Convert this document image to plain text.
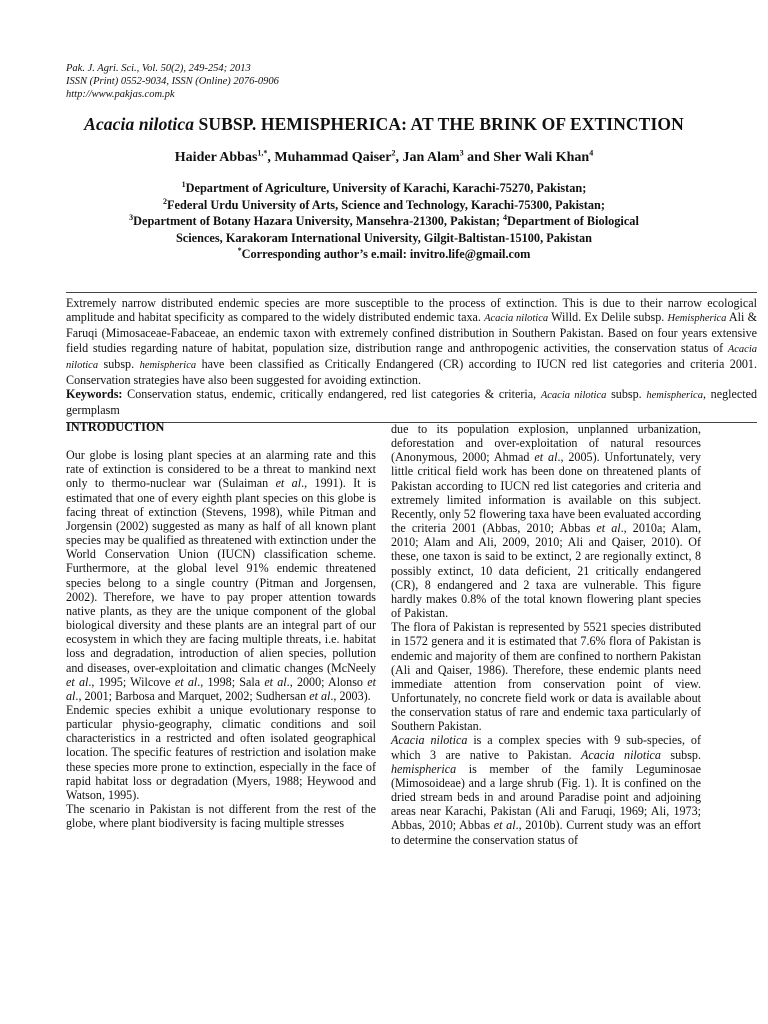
Pak. J. Agri. Sci., Vol. 50(2), 249-254; 2013
ISSN (Print) 0552-9034, ISSN (Online) 2076-0906
http://www.pakjas.com.pk
Acacia nilotica SUBSP. HEMISPHERICA: AT THE BRINK OF EXTINCTION
Haider Abbas$^{1,*}$, Muhammad Qaiser$^2$, Jan Alam$^3$ and Sher Wali Khan$^4$
$^1$Department of Agriculture, University of Karachi, Karachi-75270, Pakistan;
$^2$Federal Urdu University of Arts, Science and Technology, Karachi-75300, Pakistan;
$^3$Department of Botany Hazara University, Mansehra-21300, Pakistan; $^4$Department of Biological
Sciences, Karakoram International University, Gilgit-Baltistan-15100, Pakistan
*Corresponding author’s e.mail: invitro.life@gmail.com

Extremely narrow distributed endemic species are more susceptible to the process of extinction. This is due to their narrow ecological amplitude and habitat specificity as compared to the widely distributed endemic taxa. Acacia nilotica Willd. Ex Delile subsp. Hemispherica Ali & Faruqi (Mimosaceae-Fabaceae, an endemic taxon with extremely confined distribution in Southern Pakistan. Based on four years extensive field studies regarding nature of habitat, population size, distribution range and anthropogenic activities, the conservation status of Acacia nilotica subsp. hemispherica have been classified as Critically Endangered (CR) according to IUCN red list categories and criteria 2001. Conservation strategies have also been suggested for avoiding extinction.

Keywords: Conservation status, endemic, critically endangered, red list categories & criteria, Acacia nilotica subsp. hemispherica, neglected germplasm

INTRODUCTION

Our globe is losing plant species at an alarming rate and this rate of extinction is considered to be a threat to mankind next only to thermo-nuclear war (Sulaiman et al., 1991). It is estimated that one of every eighth plant species on this globe is facing threat of extinction (Stevens, 1998), while Pitman and Jorgensin (2002) suggested as many as half of all known plant species may be qualified as threatened with extinction under the World Conservation Union (IUCN) classification scheme. Furthermore, at the global level 91% endemic threatened species belong to a single country (Pitman and Jorgensen, 2002). Therefore, we have to pay proper attention towards native plants, as they are the unique component of the global biological diversity and these plants are an integral part of our ecosystem in which they are facing multiple threats, i.e. habitat loss and degradation, introduction of alien species, pollution and diseases, over-exploitation and climatic changes (McNeely et al., 1995; Wilcove et al., 1998; Sala et al., 2000; Alonso et al., 2001; Barbosa and Marquet, 2002; Sudhersan et al., 2003).

Endemic species exhibit a unique evolutionary response to particular physio-geography, climatic conditions and soil characteristics in a restricted and often isolated geographical location. The specific features of restriction and isolation make these species more prone to extinction, especially in the face of rapid habitat loss or degradation (Myers, 1988; Heywood and Watson, 1995).

The scenario in Pakistan is not different from the rest of the globe, where plant biodiversity is facing multiple stresses

due to its population explosion, unplanned urbanization, deforestation and over-exploitation of natural resources (Anonymous, 2000; Ahmad et al., 2005). Unfortunately, very little critical field work has been done on threatened plants of Pakistan according to IUCN red list categories and criteria and extremely limited information is available on this subject. Recently, only 52 flowering taxa have been evaluated according the criteria 2001 (Abbas, 2010; Abbas et al., 2010a; Alam, 2010; Alam and Ali, 2009, 2010; Ali and Qaiser, 2010). Of these, one taxon is said to be extinct, 2 are regionally extinct, 8 possibly extinct, 10 data deficient, 21 critically endangered (CR), 8 endangered and 2 taxa are vulnerable. This figure hardly makes 0.8% of the total known flowering plant species of Pakistan.

The flora of Pakistan is represented by 5521 species distributed in 1572 genera and it is estimated that 7.6% flora of Pakistan is endemic and majority of them are confined to northern Pakistan (Ali and Qaiser, 1986). Therefore, these endemic plants need immediate attention from conservation point of view. Unfortunately, no concrete field work or data is available about the conservation status of rare and endemic taxa particularly of Southern Pakistan.

Acacia nilotica is a complex species with 9 sub-species, of which 3 are native to Pakistan. Acacia nilotica subsp. hemispherica is member of the family Leguminosae (Mimosoideae) and a large shrub (Fig. 1). It is confined on the dried stream beds in and around Paradise point and adjoining areas near Karachi, Pakistan (Ali and Faruqi, 1969; Ali, 1973; Abbas, 2010; Abbas et al., 2010b). Current study was an effort to determine the conservation status of
